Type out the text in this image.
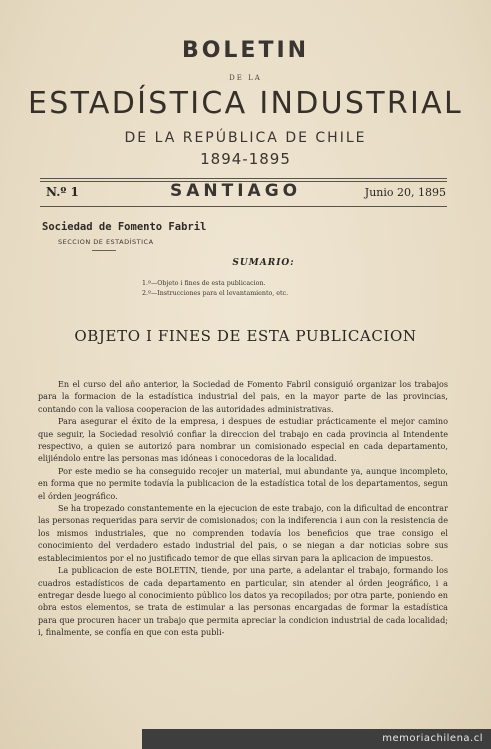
BOLETIN
DE LA
ESTADÍSTICA INDUSTRIAL
DE LA REPÚBLICA DE CHILE
1894-1895
N.º 1	SANTIAGO	Junio 20, 1895
Sociedad de Fomento Fabril
SECCION DE ESTADÍSTICA
SUMARIO:
1.º—Objeto i fines de esta publicacion.
2.º—Instrucciones para el levantamiento, etc.
OBJETO I FINES DE ESTA PUBLICACION

En el curso del año anterior, la Sociedad de Fomento Fabril consiguió organizar los trabajos para la formacion de la estadística industrial del pais, en la mayor parte de las provincias, contando con la valiosa cooperacion de las autoridades administrativas.

Para asegurar el éxito de la empresa, i despues de estudiar prácticamente el mejor camino que seguir, la Sociedad resolvió confiar la direccion del trabajo en cada provincia al Intendente respectivo, a quien se autorizó para nombrar un comisionado especial en cada departamento, elijiéndolo entre las personas mas idóneas i conocedoras de la localidad.

Por este medio se ha conseguido recojer un material, mui abundante ya, aunque incompleto, en forma que no permite todavía la publicacion de la estadística total de los departamentos, segun el órden jeográfico.

Se ha tropezado constantemente en la ejecucion de este trabajo, con la dificultad de encontrar las personas requeridas para servir de comisionados; con la indiferencia i aun con la resistencia de los mismos industriales, que no comprenden todavía los beneficios que trae consigo el conocimiento del verdadero estado industrial del pais, o se niegan a dar noticias sobre sus establecimientos por el no justificado temor de que ellas sirvan para la aplicacion de impuestos.

La publicacion de este BOLETIN, tiende, por una parte, a adelantar el trabajo, formando los cuadros estadísticos de cada departamento en particular, sin atender al órden jeográfico, i a entregar desde luego al conocimiento público los datos ya recopilados; por otra parte, poniendo en obra estos elementos, se trata de estimular a las personas encargadas de formar la estadística para que procuren hacer un trabajo que permita apreciar la condicion industrial de cada localidad; i, finalmente, se confía en que con esta publi-

memoriachilena.cl
